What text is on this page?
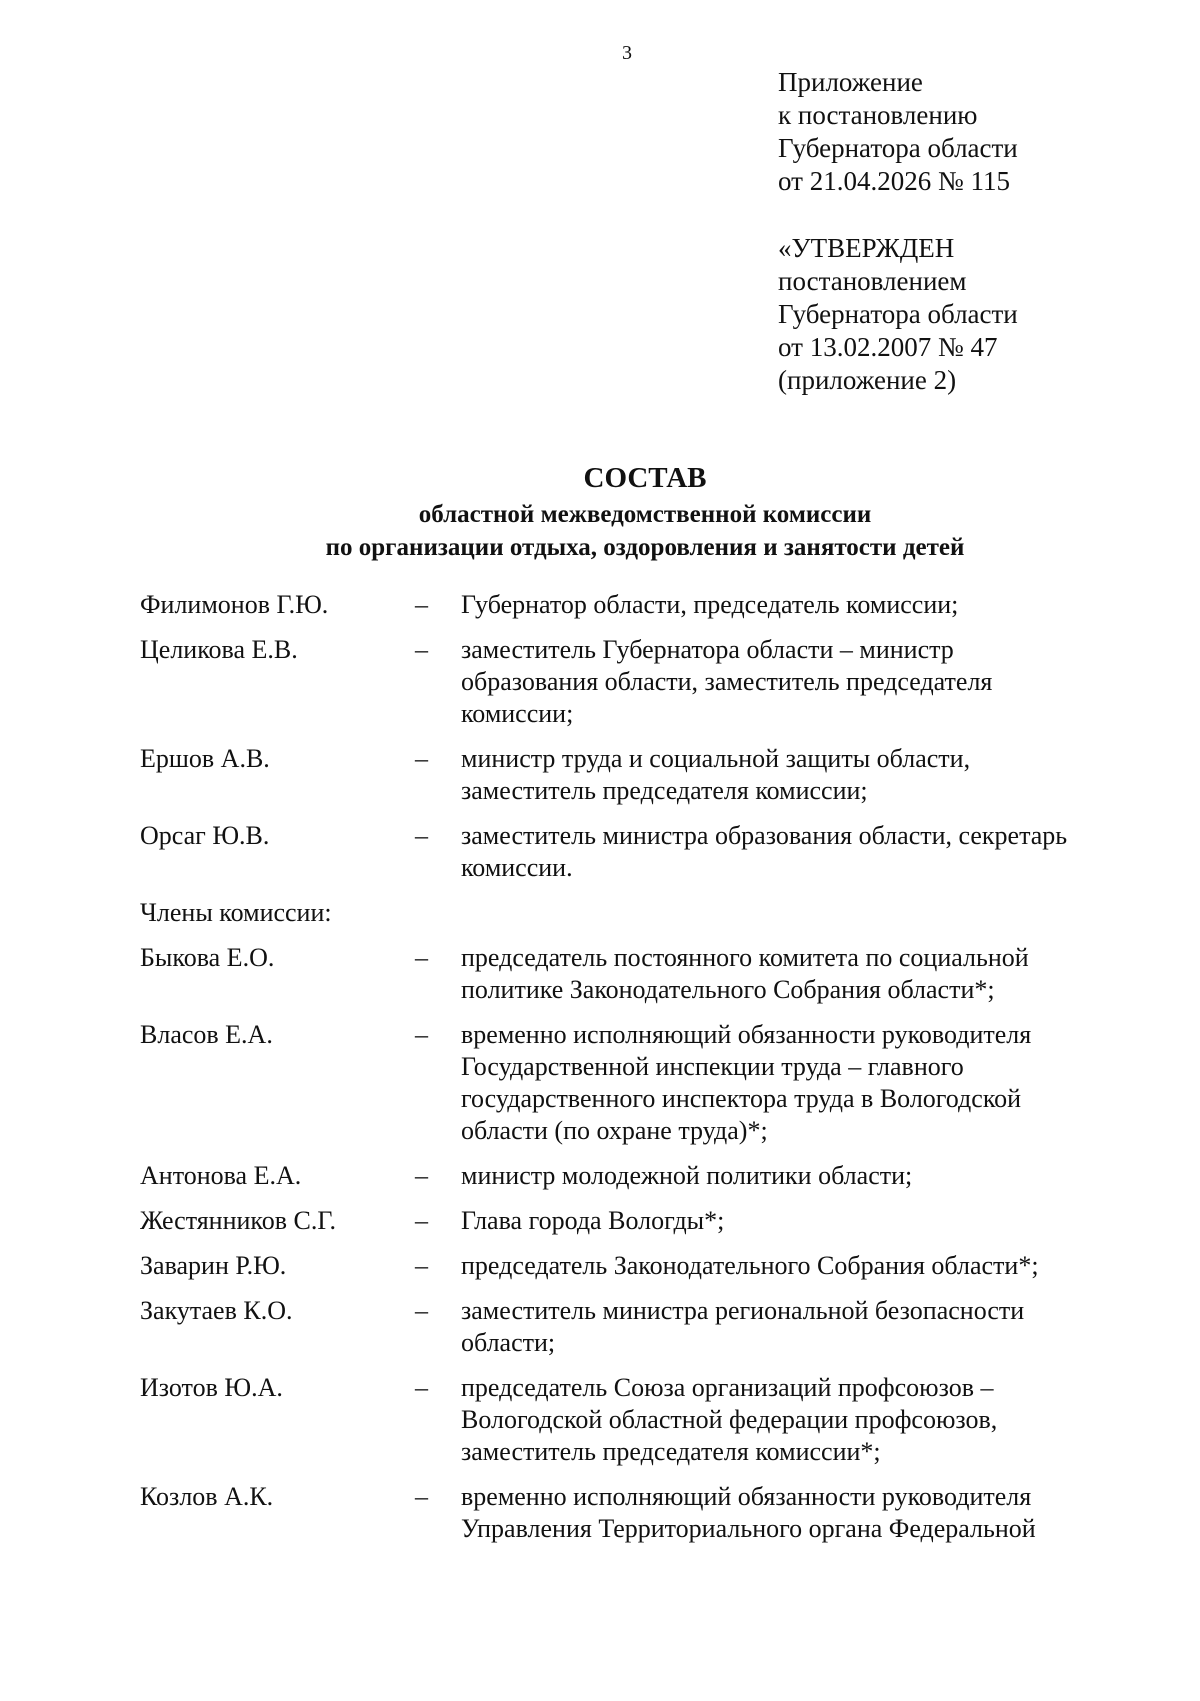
3
Приложение
к постановлению
Губернатора области
от 21.04.2026 № 115
«УТВЕРЖДЕН
постановлением
Губернатора области
от 13.02.2007 № 47
(приложение 2)
СОСТАВ
областной межведомственной комиссии
по организации отдыха, оздоровления и занятости детей
Филимонов Г.Ю.	–	Губернатор области, председатель комиссии;
Целикова Е.В.	–	заместитель Губернатора области – министр
образования области, заместитель председателя
комиссии;
Ершов А.В.	–	министр труда и социальной защиты области,
заместитель председателя комиссии;
Орсаг Ю.В.	–	заместитель министра образования области, секретарь
комиссии.
Члены комиссии:
Быкова Е.О.	–	председатель постоянного комитета по социальной
политике Законодательного Собрания области*;
Власов Е.А.	–	временно исполняющий обязанности руководителя
Государственной инспекции труда – главного
государственного инспектора труда в Вологодской
области (по охране труда)*;
Антонова Е.А.	–	министр молодежной политики области;
Жестянников С.Г.	–	Глава города Вологды*;
Заварин Р.Ю.	–	председатель Законодательного Собрания области*;
Закутаев К.О.	–	заместитель министра региональной безопасности
области;
Изотов Ю.А.	–	председатель Союза организаций профсоюзов –
Вологодской областной федерации профсоюзов,
заместитель председателя комиссии*;
Козлов А.К.	–	временно исполняющий обязанности руководителя
Управления Территориального органа Федеральной
